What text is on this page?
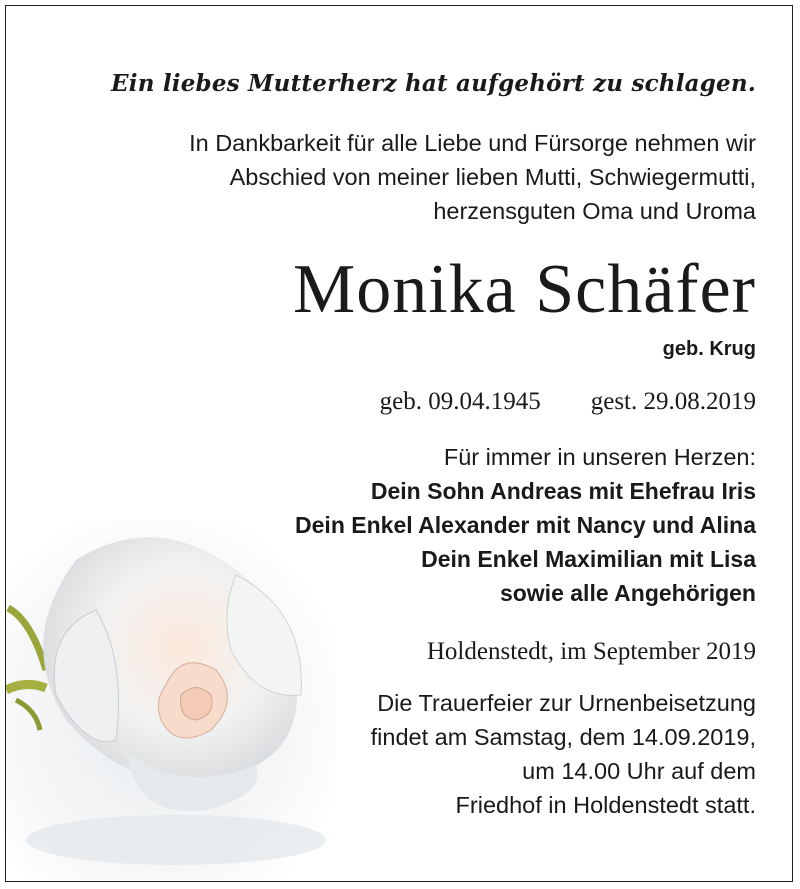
Ein liebes Mutterherz hat aufgehört zu schlagen.
In Dankbarkeit für alle Liebe und Fürsorge nehmen wir
Abschied von meiner lieben Mutti, Schwiegermutti,
herzensguten Oma und Uroma
Monika Schäfer
geb. Krug
geb. 09.04.1945 gest. 29.08.2019
Für immer in unseren Herzen:
Dein Sohn Andreas mit Ehefrau Iris
Dein Enkel Alexander mit Nancy und Alina
Dein Enkel Maximilian mit Lisa
sowie alle Angehörigen
Holdenstedt, im September 2019
Die Trauerfeier zur Urnenbeisetzung
findet am Samstag, dem 14.09.2019,
um 14.00 Uhr auf dem
Friedhof in Holdenstedt statt.
